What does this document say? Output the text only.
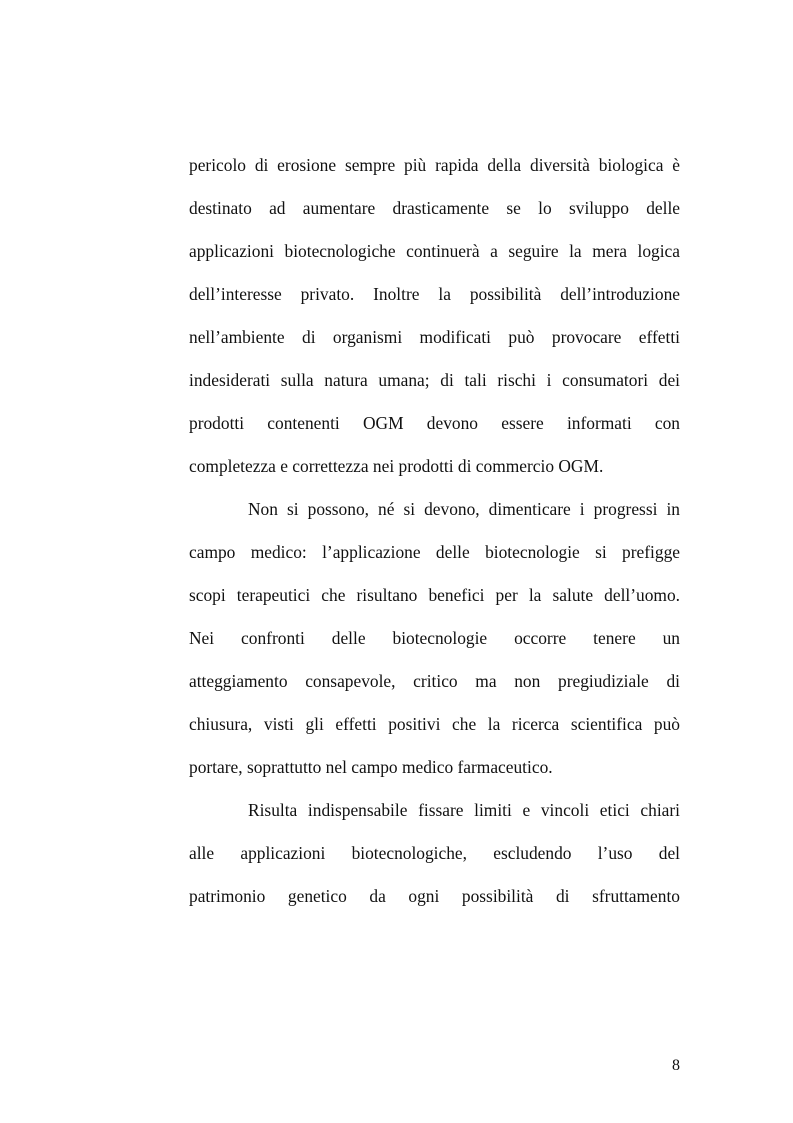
pericolo di erosione sempre più rapida della diversità biologica è
destinato ad aumentare drasticamente se lo sviluppo delle
applicazioni biotecnologiche continuerà a seguire la mera logica
dell’interesse privato. Inoltre la possibilità dell’introduzione
nell’ambiente di organismi modificati può provocare effetti
indesiderati sulla natura umana; di tali rischi i consumatori dei
prodotti contenenti OGM devono essere informati con
completezza e correttezza nei prodotti di commercio OGM.
Non si possono, né si devono, dimenticare i progressi in
campo medico: l’applicazione delle biotecnologie si prefigge
scopi terapeutici che risultano benefici per la salute dell’uomo.
Nei confronti delle biotecnologie occorre tenere un
atteggiamento consapevole, critico ma non pregiudiziale di
chiusura, visti gli effetti positivi che la ricerca scientifica può
portare, soprattutto nel campo medico farmaceutico.
Risulta indispensabile fissare limiti e vincoli etici chiari
alle applicazioni biotecnologiche, escludendo l’uso del
patrimonio genetico da ogni possibilità di sfruttamento
8
